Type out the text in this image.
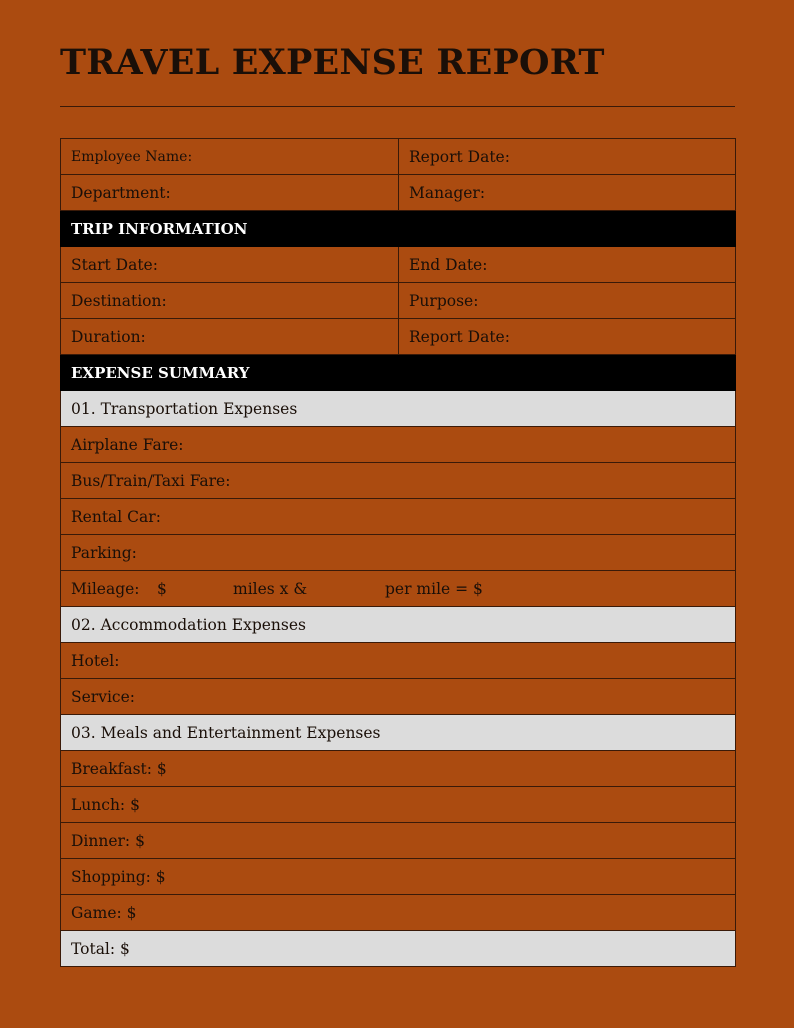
TRAVEL EXPENSE REPORT
Employee Name:	Report Date:
Department:	Manager:
TRIP INFORMATION	
Start Date:	End Date:
Destination:	Purpose:
Duration:	Report Date:
EXPENSE SUMMARY	
01. Transportation Expenses	
Airplane Fare:	
Bus/Train/Taxi Fare:	
Rental Car:	
Parking:	
Mileage: $ miles x & per mile = $	
02. Accommodation Expenses	
Hotel:	
Service:	
03. Meals and Entertainment Expenses	
Breakfast: $	
Lunch: $	
Dinner: $	
Shopping: $	
Game: $	
Total: $	
